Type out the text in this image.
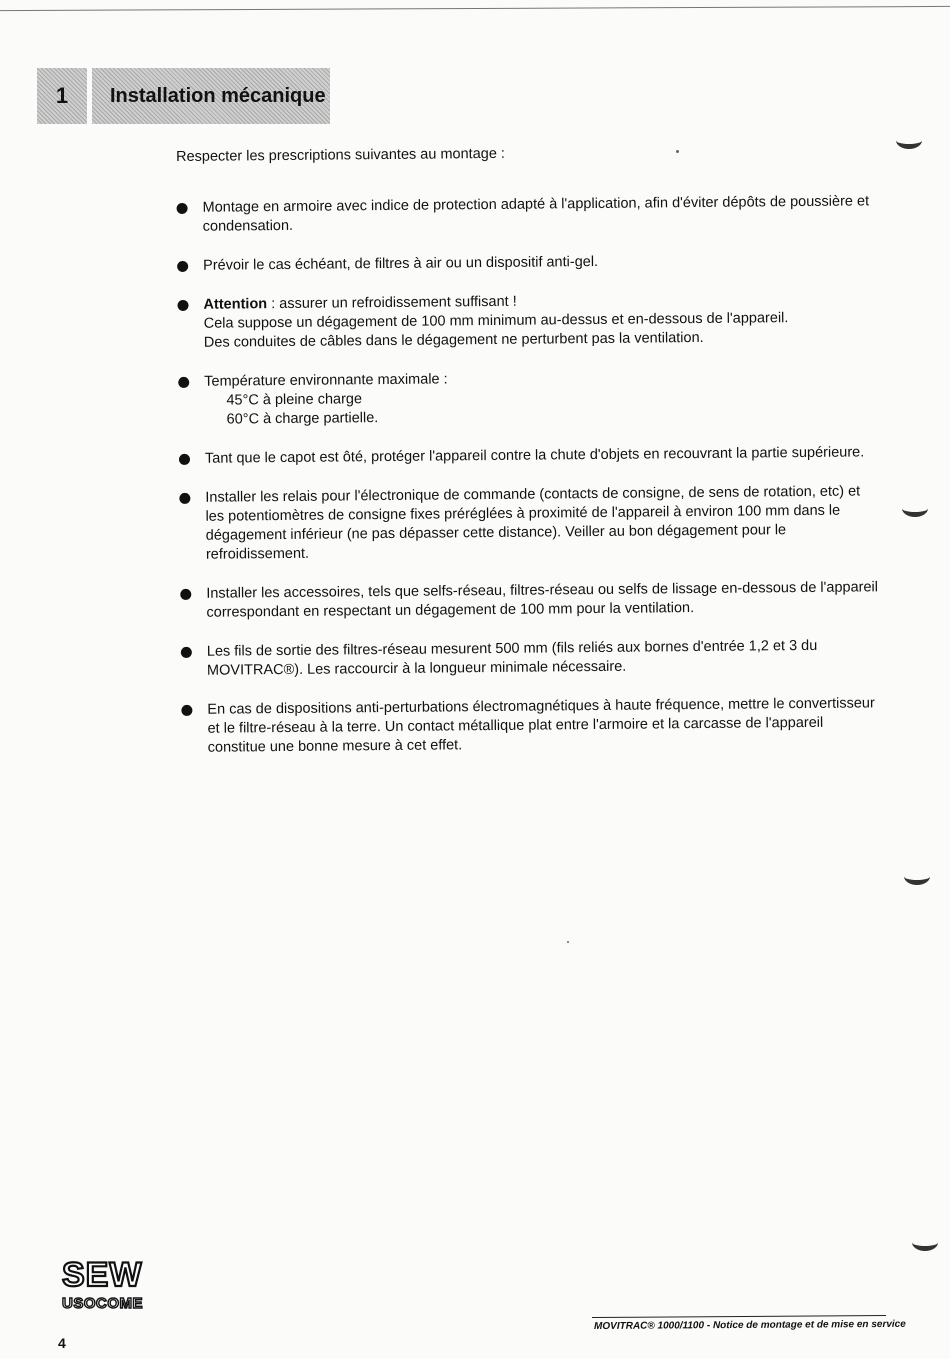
1	Installation mécanique

Respecter les prescriptions suivantes au montage :

Montage en armoire avec indice de protection adapté à l'application, afin d'éviter dépôts de poussière et condensation.
Prévoir le cas échéant, de filtres à air ou un dispositif anti-gel.
Attention : assurer un refroidissement suffisant !
Cela suppose un dégagement de 100 mm minimum au-dessus et en-dessous de l'appareil.
Des conduites de câbles dans le dégagement ne perturbent pas la ventilation.
Température environnante maximale :
45°C à pleine charge
60°C à charge partielle.
Tant que le capot est ôté, protéger l'appareil contre la chute d'objets en recouvrant la partie supérieure.
Installer les relais pour l'électronique de commande (contacts de consigne, de sens de rotation, etc) et les potentiomètres de consigne fixes préréglées à proximité de l'appareil à environ 100 mm dans le dégagement inférieur (ne pas dépasser cette distance). Veiller au bon dégagement pour le refroidissement.
Installer les accessoires, tels que selfs-réseau, filtres-réseau ou selfs de lissage en-dessous de l'appareil correspondant en respectant un dégagement de 100 mm pour la ventilation.
Les fils de sortie des filtres-réseau mesurent 500 mm (fils reliés aux bornes d'entrée 1,2 et 3 du MOVITRAC®). Les raccourcir à la longueur minimale nécessaire.
En cas de dispositions anti-perturbations électromagnétiques à haute fréquence, mettre le convertisseur et le filtre-réseau à la terre. Un contact métallique plat entre l'armoire et la carcasse de l'appareil constitue une bonne mesure à cet effet.
SEW
USOCOME
4
MOVITRAC® 1000/1100 - Notice de montage et de mise en service
